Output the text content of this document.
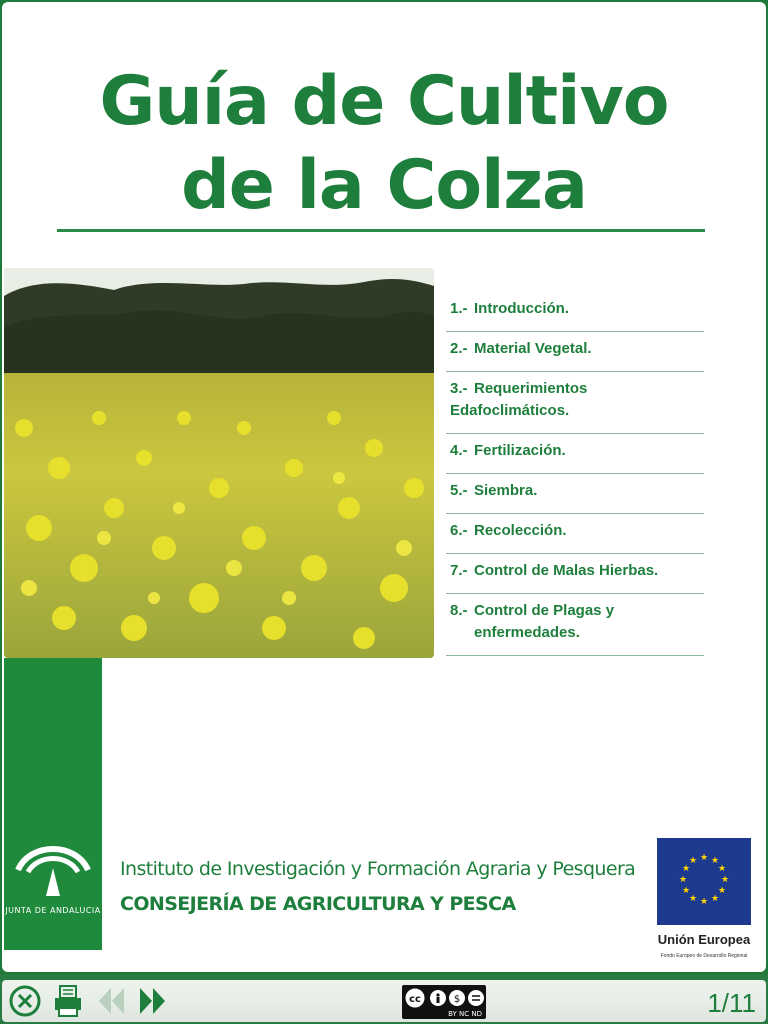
Guía de Cultivo
de la Colza
1.- Introducción.
2.- Material Vegetal.
3.- Requerimientos Edafoclimáticos.
4.- Fertilización.
5.- Siembra.
6.- Recolección.
7.- Control de Malas Hierbas.
8.- Control de Plagas y
enfermedades.
JUNTA DE ANDALUCIA
Instituto de Investigación y Formación Agraria y Pesquera
CONSEJERÍA DE AGRICULTURA Y PESCA
★ ★
★
★
★
★
★
★
★
★
★
★
Unión Europea
Fondo Europeo de Desarrollo Regional
cc	$
BY NC ND	1/11
